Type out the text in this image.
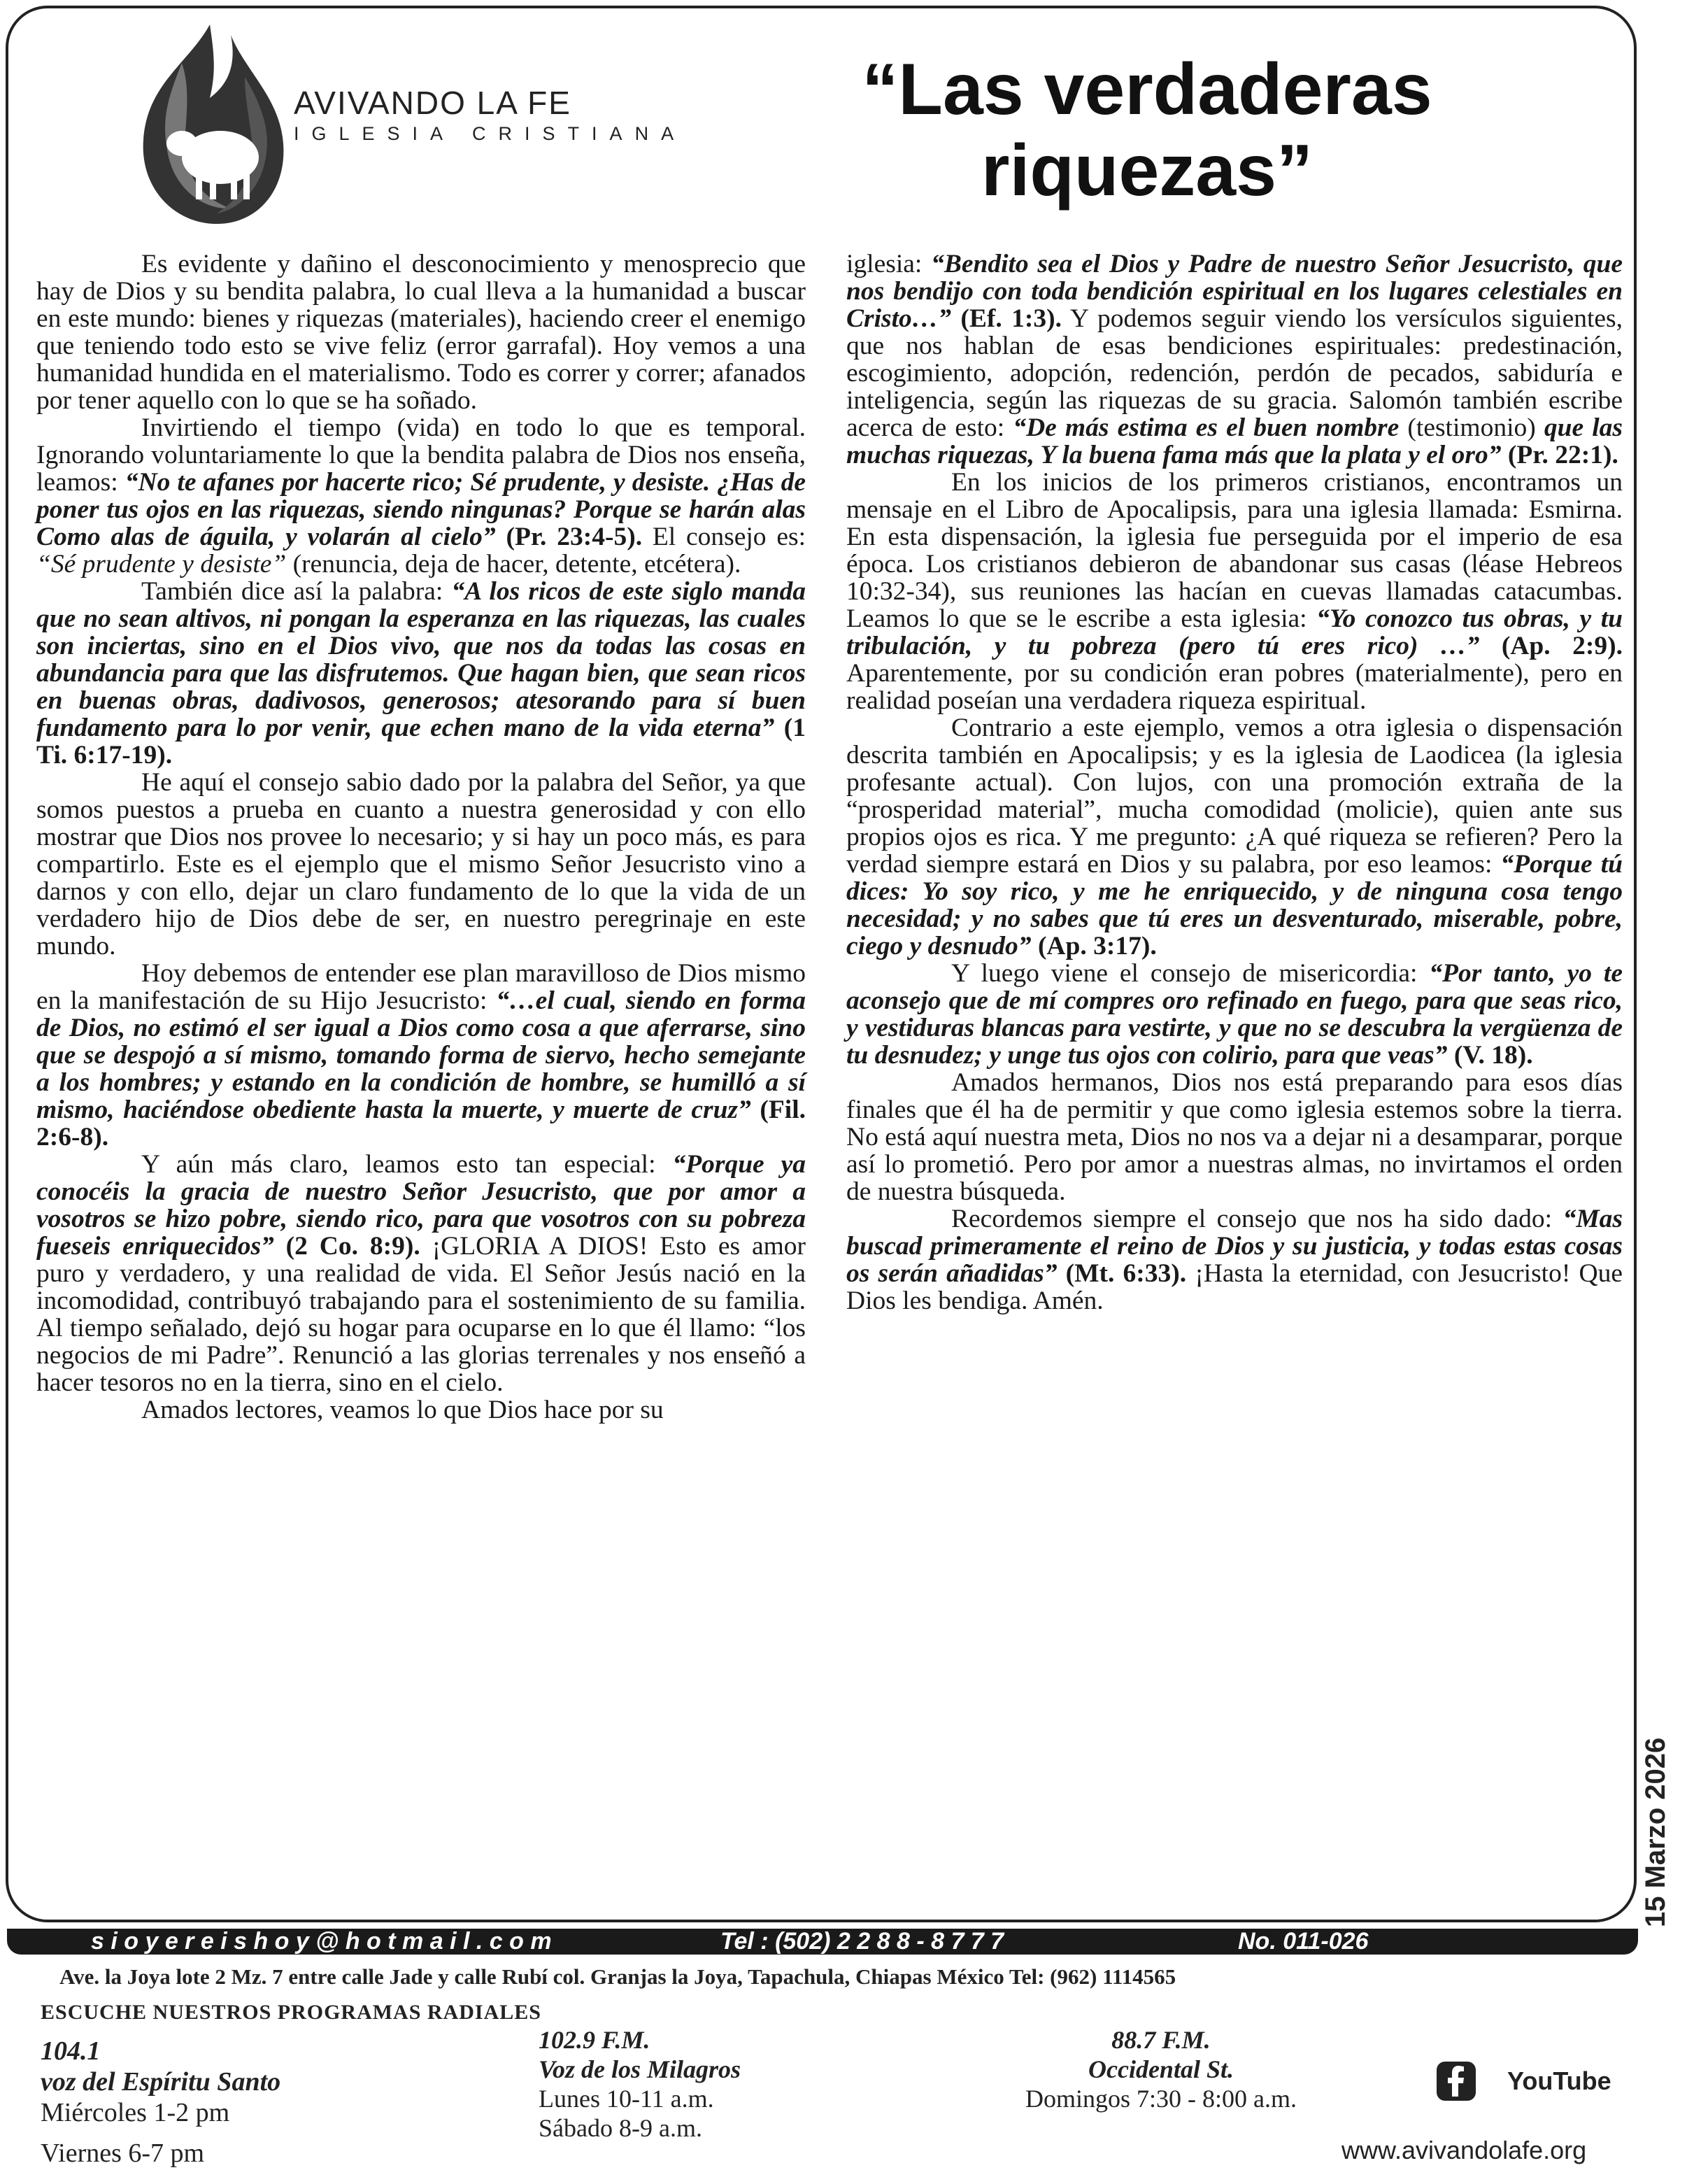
AVIVANDO LA FE
IGLESIA CRISTIANA
“Las verdaderas
riquezas”

Es evidente y dañino el desconocimiento y menosprecio que hay de Dios y su bendita palabra, lo cual lleva a la humanidad a buscar en este mundo: bienes y riquezas (materiales), haciendo creer el enemigo que teniendo todo esto se vive feliz (error garrafal). Hoy vemos a una humanidad hundida en el materialismo. Todo es correr y correr; afanados por tener aquello con lo que se ha soñado.

Invirtiendo el tiempo (vida) en todo lo que es temporal. Ignorando voluntariamente lo que la bendita palabra de Dios nos enseña, leamos: “No te afanes por hacerte rico; Sé prudente, y desiste. ¿Has de poner tus ojos en las riquezas, siendo ningunas? Porque se harán alas Como alas de águila, y volarán al cielo” (Pr. 23:4-5). El consejo es: “Sé prudente y desiste” (renuncia, deja de hacer, detente, etcétera).

También dice así la palabra: “A los ricos de este siglo manda que no sean altivos, ni pongan la esperanza en las riquezas, las cuales son inciertas, sino en el Dios vivo, que nos da todas las cosas en abundancia para que las disfrutemos. Que hagan bien, que sean ricos en buenas obras, dadivosos, generosos; atesorando para sí buen fundamento para lo por venir, que echen mano de la vida eterna” (1 Ti. 6:17-19).

He aquí el consejo sabio dado por la palabra del Señor, ya que somos puestos a prueba en cuanto a nuestra generosidad y con ello mostrar que Dios nos provee lo necesario; y si hay un poco más, es para compartirlo. Este es el ejemplo que el mismo Señor Jesucristo vino a darnos y con ello, dejar un claro fundamento de lo que la vida de un verdadero hijo de Dios debe de ser, en nuestro peregrinaje en este mundo.

Hoy debemos de entender ese plan maravilloso de Dios mismo en la manifestación de su Hijo Jesucristo: “…el cual, siendo en forma de Dios, no estimó el ser igual a Dios como cosa a que aferrarse, sino que se despojó a sí mismo, tomando forma de siervo, hecho semejante a los hombres; y estando en la condición de hombre, se humilló a sí mismo, haciéndose obediente hasta la muerte, y muerte de cruz” (Fil. 2:6-8).

Y aún más claro, leamos esto tan especial: “Porque ya conocéis la gracia de nuestro Señor Jesucristo, que por amor a vosotros se hizo pobre, siendo rico, para que vosotros con su pobreza fueseis enriquecidos” (2 Co. 8:9). ¡GLORIA A DIOS! Esto es amor puro y verdadero, y una realidad de vida. El Señor Jesús nació en la incomodidad, contribuyó trabajando para el sostenimiento de su familia. Al tiempo señalado, dejó su hogar para ocuparse en lo que él llamo: “los negocios de mi Padre”. Renunció a las glorias terrenales y nos enseñó a hacer tesoros no en la tierra, sino en el cielo.

Amados lectores, veamos lo que Dios hace por su

iglesia: “Bendito sea el Dios y Padre de nuestro Señor Jesucristo, que nos bendijo con toda bendición espiritual en los lugares celestiales en Cristo…” (Ef. 1:3). Y podemos seguir viendo los versículos siguientes, que nos hablan de esas bendiciones espirituales: predestinación, escogimiento, adopción, redención, perdón de pecados, sabiduría e inteligencia, según las riquezas de su gracia. Salomón también escribe acerca de esto: “De más estima es el buen nombre (testimonio) que las muchas riquezas, Y la buena fama más que la plata y el oro” (Pr. 22:1).

En los inicios de los primeros cristianos, encontramos un mensaje en el Libro de Apocalipsis, para una iglesia llamada: Esmirna. En esta dispensación, la iglesia fue perseguida por el imperio de esa época. Los cristianos debieron de abandonar sus casas (léase Hebreos 10:32-34), sus reuniones las hacían en cuevas llamadas catacumbas. Leamos lo que se le escribe a esta iglesia: “Yo conozco tus obras, y tu tribulación, y tu pobreza (pero tú eres rico) …” (Ap. 2:9). Aparentemente, por su condición eran pobres (materialmente), pero en realidad poseían una verdadera riqueza espiritual.

Contrario a este ejemplo, vemos a otra iglesia o dispensación descrita también en Apocalipsis; y es la iglesia de Laodicea (la iglesia profesante actual). Con lujos, con una promoción extraña de la “prosperidad material”, mucha comodidad (molicie), quien ante sus propios ojos es rica. Y me pregunto: ¿A qué riqueza se refieren? Pero la verdad siempre estará en Dios y su palabra, por eso leamos: “Porque tú dices: Yo soy rico, y me he enriquecido, y de ninguna cosa tengo necesidad; y no sabes que tú eres un desventurado, miserable, pobre, ciego y desnudo” (Ap. 3:17).

Y luego viene el consejo de misericordia: “Por tanto, yo te aconsejo que de mí compres oro refinado en fuego, para que seas rico, y vestiduras blancas para vestirte, y que no se descubra la vergüenza de tu desnudez; y unge tus ojos con colirio, para que veas” (V. 18).

Amados hermanos, Dios nos está preparando para esos días finales que él ha de permitir y que como iglesia estemos sobre la tierra. No está aquí nuestra meta, Dios no nos va a dejar ni a desamparar, porque así lo prometió. Pero por amor a nuestras almas, no invirtamos el orden de nuestra búsqueda.

Recordemos siempre el consejo que nos ha sido dado: “Mas buscad primeramente el reino de Dios y su justicia, y todas estas cosas os serán añadidas” (Mt. 6:33). ¡Hasta la eternidad, con Jesucristo! Que Dios les bendiga. Amén.

15 Marzo 2026
s i o y e r e i s h o y @ h o t m a i l . c o m	Tel : (502) 2 2 8 8 - 8 7 7 7	No. 011-026
Ave. la Joya lote 2 Mz. 7 entre calle Jade y calle Rubí col. Granjas la Joya, Tapachula, Chiapas México Tel: (962) 1114565
ESCUCHE NUESTROS PROGRAMAS RADIALES
104.1
voz del Espíritu Santo
Miércoles 1-2 pm
Viernes 6-7 pm
102.9 F.M.
Voz de los Milagros
Lunes 10-11 a.m.
Sábado 8-9 a.m.
88.7 F.M.
Occidental St.
Domingos 7:30 - 8:00 a.m.
YouTube
www.avivandolafe.org
